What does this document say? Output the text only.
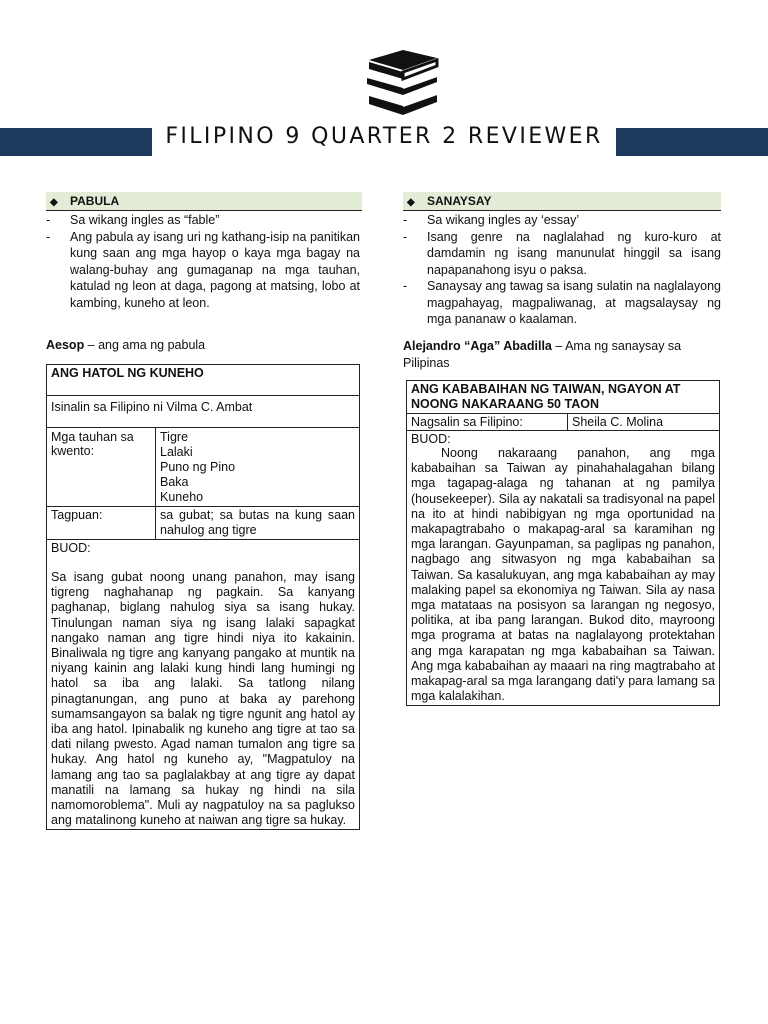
FILIPINO 9 QUARTER 2 REVIEWER
◆ PABULA
- Sa wikang ingles as “fable”
- Ang pabula ay isang uri ng kathang-isip na panitikan kung saan ang mga hayop o kaya mga bagay na walang-buhay ang gumaganap na mga tauhan, katulad ng leon at daga, pagong at matsing, lobo at kambing, kuneho at leon.
Aesop – ang ama ng pabula
ANG HATOL NG KUNEHO	
Isinalin sa Filipino ni Vilma C. Ambat	
Mga tauhan sa kwento:	Tigre
Lalaki
Puno ng Pino
Baka
Kuneho

Tagpuan:	sa gubat; sa butas na kung saan nahulog ang tigre

BUOD:
Sa isang gubat noong unang panahon, may isang tigreng naghahanap ng pagkain. Sa kanyang paghanap, biglang nahulog siya sa isang hukay. Tinulungan naman siya ng isang lalaki sapagkat nangako naman ang tigre hindi niya ito kakainin. Binaliwala ng tigre ang kanyang pangako at muntik na niyang kainin ang lalaki kung hindi lang humingi ng hatol sa iba ang lalaki. Sa tatlong nilang pinagtanungan, ang puno at baka ay parehong sumamsangayon sa balak ng tigre ngunit ang hatol ay iba ang hatol. Ipinabalik ng kuneho ang tigre at tao sa dati nilang pwesto. Agad naman tumalon ang tigre sa hukay. Ang hatol ng kuneho ay, "Magpatuloy na lamang ang tao sa paglalakbay at ang tigre ay dapat manatili na lamang sa hukay ng hindi na sila namomoroblema". Muli ay nagpatuloy na sa paglukso ang matalinong kuneho at naiwan ang tigre sa hukay.	
◆ SANAYSAY
- Sa wikang ingles ay ‘essay’
- Isang genre na naglalahad ng kuro-kuro at damdamin ng isang manunulat hinggil sa isang napapanahong isyu o paksa.
- Sanaysay ang tawag sa isang sulatin na naglalayong magpahayag, magpaliwanag, at magsalaysay ng mga pananaw o kaalaman.
Alejandro “Aga” Abadilla – Ama ng sanaysay sa Pilipinas
ANG KABABAIHAN NG TAIWAN, NGAYON AT NOONG NAKARAANG 50 TAON
Nagsalin sa Filipino:	Sheila C. Molina

BUOD:
Noong nakaraang panahon, ang mga kababaihan sa Taiwan ay pinahahalagahan bilang mga tagapag-alaga ng tahanan at ng pamilya (housekeeper). Sila ay nakatali sa tradisyonal na papel na ito at hindi nabibigyan ng mga oportunidad na makapagtrabaho o makapag-aral sa karamihan ng mga larangan. Gayunpaman, sa paglipas ng panahon, nagbago ang sitwasyon ng mga kababaihan sa Taiwan. Sa kasalukuyan, ang mga kababaihan ay may malaking papel sa ekonomiya ng Taiwan. Sila ay nasa mga matataas na posisyon sa larangan ng negosyo, politika, at iba pang larangan. Bukod dito, mayroong mga programa at batas na naglalayong protektahan ang mga karapatan ng mga kababaihan sa Taiwan. Ang mga kababaihan ay maaari na ring magtrabaho at makapag-aral sa mga larangang dati'y para lamang sa mga kalalakihan.
